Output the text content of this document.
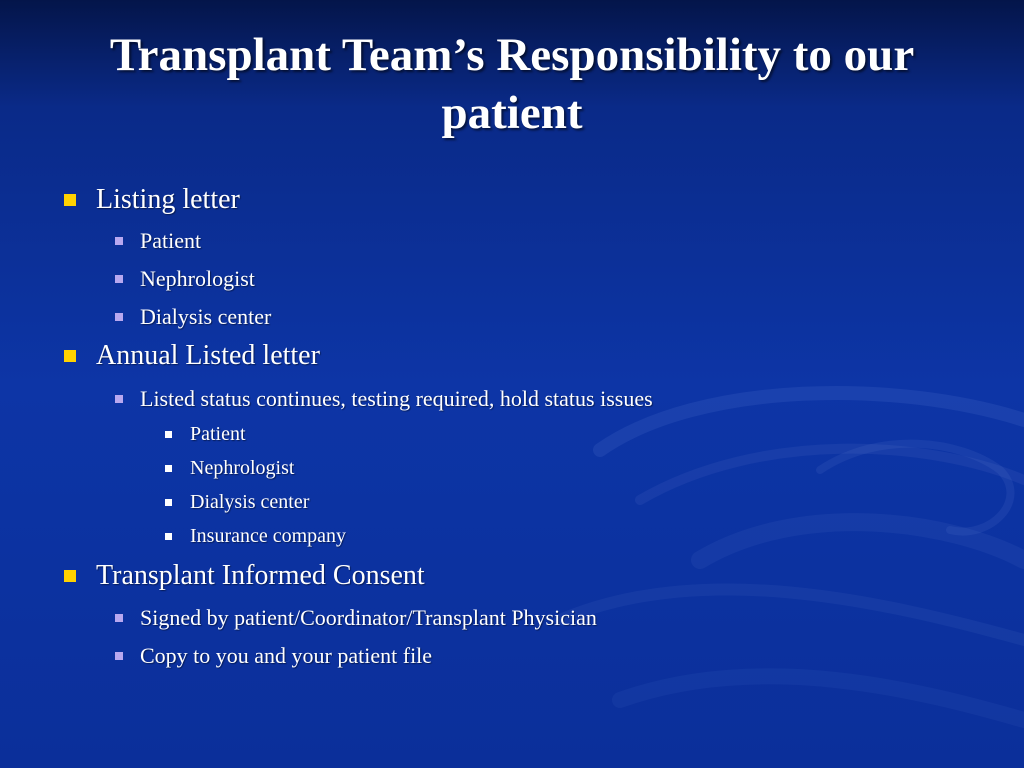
Transplant Team’s Responsibility to our patient
Listing letter
Patient
Nephrologist
Dialysis center
Annual Listed letter
Listed status continues, testing required, hold status issues
Patient
Nephrologist
Dialysis center
Insurance company
Transplant Informed Consent
Signed by patient/Coordinator/Transplant Physician
Copy to you and your patient file
